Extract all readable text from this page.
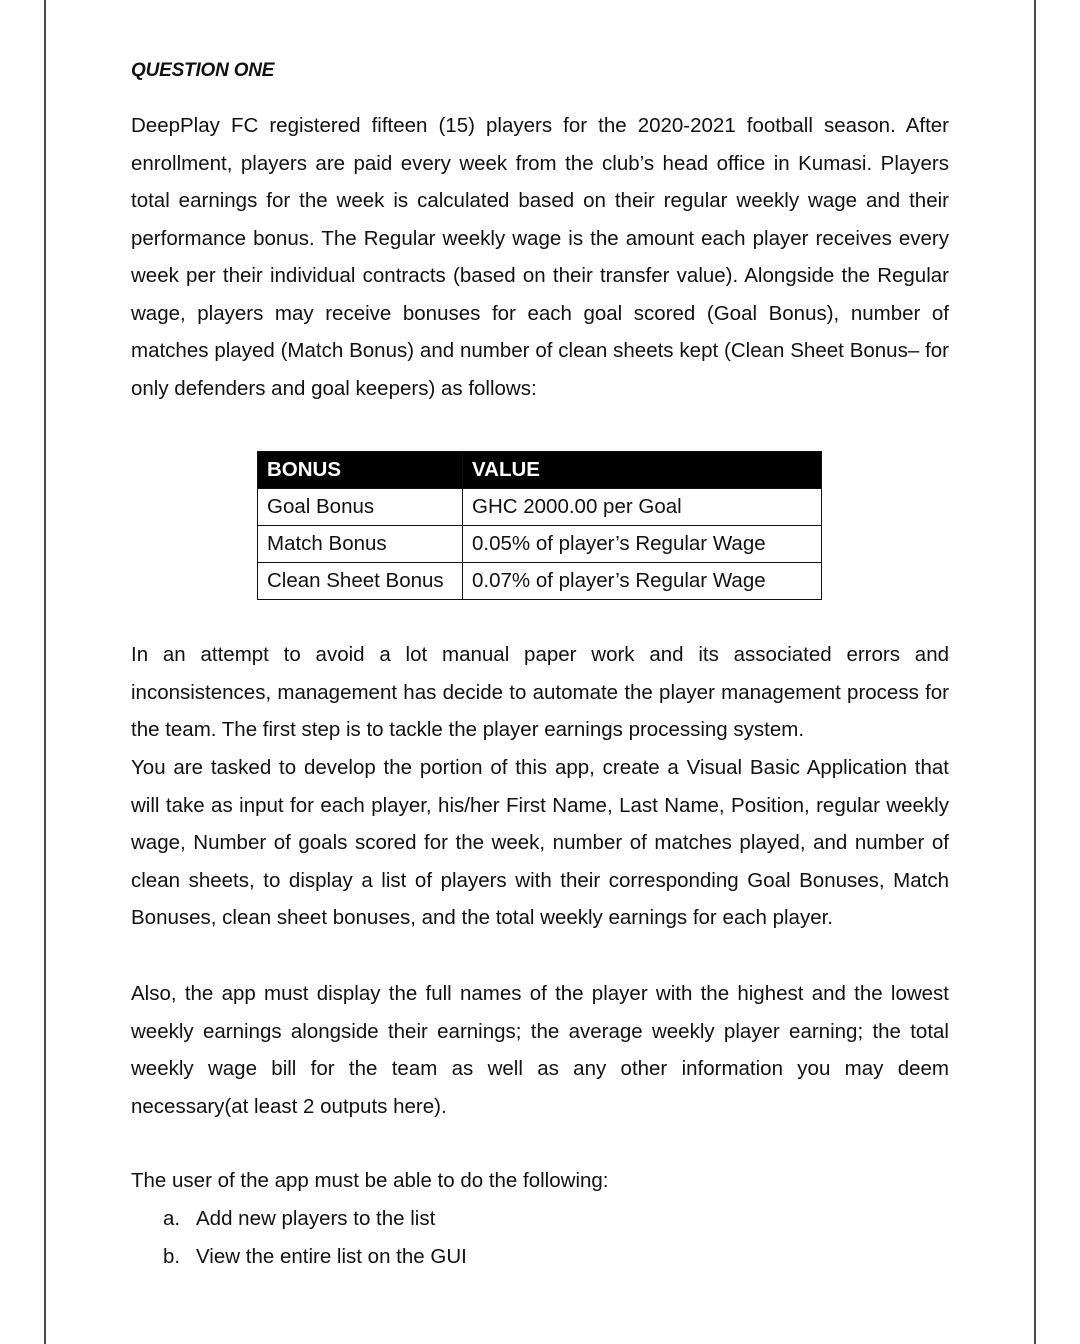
QUESTION ONE

DeepPlay FC registered fifteen (15) players for the 2020-2021 football season. After enrollment, players are paid every week from the club’s head office in Kumasi. Players total earnings for the week is calculated based on their regular weekly wage and their performance bonus. The Regular weekly wage is the amount each player receives every week per their individual contracts (based on their transfer value). Alongside the Regular wage, players may receive bonuses for each goal scored (Goal Bonus), number of matches played (Match Bonus) and number of clean sheets kept (Clean Sheet Bonus– for only defenders and goal keepers) as follows:

In an attempt to avoid a lot manual paper work and its associated errors and inconsistences, management has decide to automate the player management process for the team. The first step is to tackle the player earnings processing system.

You are tasked to develop the portion of this app, create a Visual Basic Application that will take as input for each player, his/her First Name, Last Name, Position, regular weekly wage, Number of goals scored for the week, number of matches played, and number of clean sheets, to display a list of players with their corresponding Goal Bonuses, Match Bonuses, clean sheet bonuses, and the total weekly earnings for each player.

Also, the app must display the full names of the player with the highest and the lowest weekly earnings alongside their earnings; the average weekly player earning; the total weekly wage bill for the team as well as any other information you may deem necessary(at least 2 outputs here).

The user of the app must be able to do the following:

a. Add new players to the list
b. View the entire list on the GUI
BONUS	VALUE
Goal Bonus	GHC 2000.00 per Goal
Match Bonus	0.05% of player’s Regular Wage
Clean Sheet Bonus	0.07% of player’s Regular Wage
